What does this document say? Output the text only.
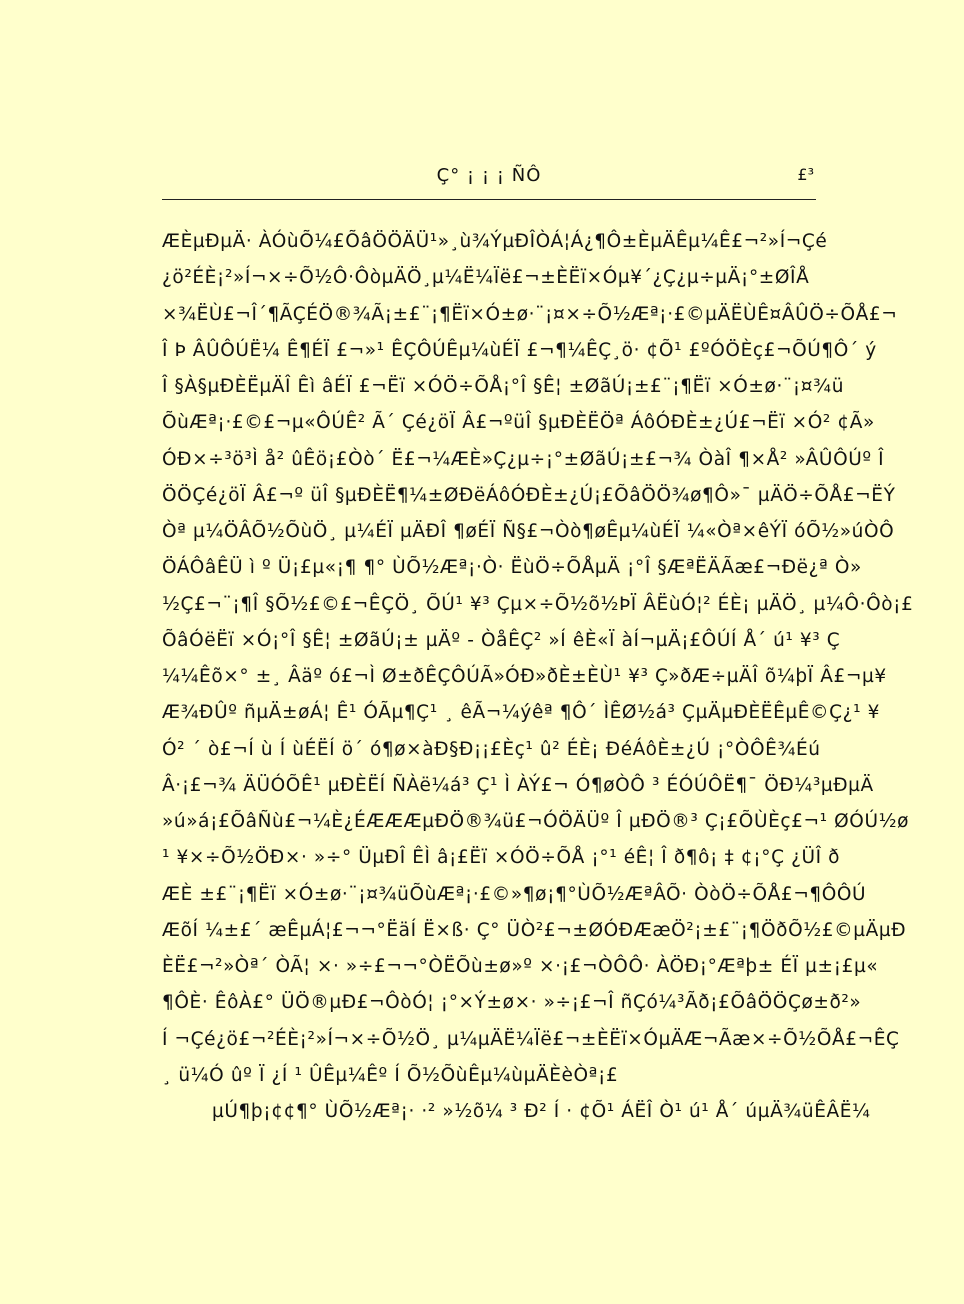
Ç° ¡ ¡ ¡ ÑÔ	£³
ÆÈµÐµÄ· ÀÓùÕ¼£ÕâÖÖÄÜ¹»¸ù¾ÝµÐÎÒÁ¦Á¿¶Ô±ÈµÄÊµ¼Ê£¬²»Í¬Çé
¿ö²ÉÈ¡²»Í¬×÷Õ½Ô·ÔòµÄÖ¸µ¼Ë¼Ïë£¬±ÈËï×Óµ¥´¿Ç¿µ÷µÄ¡°±ØÎÅ
×¾ËÙ£¬Î´¶ÃÇÉÖ®¾Ã¡±£¨¡¶Ëï×Ó±ø·¨¡¤×÷Õ½Æª¡·£©µÄËÙÊ¤ÂÛÖ÷ÕÅ£¬
Î Þ ÂÛÔÚË¼ Ê¶ÉÏ £¬»¹ ÊÇÔÚÊµ¼ùÉÏ £¬¶¼ÊÇ¸ö· ¢Õ¹ £ºÓÖÈç£¬ÕÚ¶Ô´ ý
Î §À§µÐÈËµÄÎ Êì âÉÏ £¬Ëï ×ÓÖ÷ÕÅ¡°Î §Ê¦ ±ØãÚ¡±£¨¡¶Ëï ×Ó±ø·¨¡¤¾ü
ÕùÆª¡·£©£¬µ«ÔÚÊ² Ã´ Çé¿öÏ Â£¬ºüÎ §µÐÈËÖª ÁôÓÐÈ±¿Ú£¬Ëï ×Ó² ¢Ã»
ÓÐ×÷³ö³Ì å² ûÊö¡£Òò´ Ë£¬¼ÆÈ»Ç¿µ÷¡°±ØãÚ¡±£¬¾ ÒàÎ ¶×Å² »ÂÛÔÚº Î
ÖÖÇé¿öÏ Â£¬º üÎ §µÐÈË¶¼±ØÐëÁôÓÐÈ±¿Ú¡£ÕâÖÖ¾ø¶Ô»¯ µÄÖ÷ÕÅ£¬ËÝ
Òª µ¼ÖÂÕ½ÕùÖ¸ µ¼ÉÏ µÄÐÎ ¶øÉÏ Ñ§£¬Òò¶øÊµ¼ùÉÏ ¼«Òª×êÝÏ óÕ½»úÒÔ
ÖÁÔâÊÜ ì º Ü¡£µ«¡¶ ¶° ÙÕ½Æª¡·Ò· ËùÖ÷ÕÅµÄ ¡°Î §ÆªËÄÃæ£¬Ðë¿ª Ò»
½Ç£¬¨¡¶Î §Õ½£©£¬ÊÇÖ¸ ÕÚ¹ ¥³ Çµ×÷Õ½õ½ÞÏ ÂËùÓ¦² ÉÈ¡ µÄÖ¸ µ¼Ô·Ôò¡£
ÕâÓëËï ×Ó¡°Î §Ê¦ ±ØãÚ¡± µÄº - ÒåÊÇ² »Í êÈ«Ï àÍ¬µÄ¡£ÔÚÍ Å´ ú¹ ¥³ Ç
¼¼Êõ×° ±¸ Âäº ó£¬Ì Ø±ðÊÇÔÚÃ»ÓÐ»ðÈ±ÈÙ¹ ¥³ Ç»ðÆ÷µÄÎ õ¼þÏ Â£¬µ¥
Æ¾ÐÛº ñµÄ±øÁ¦ Ê¹ ÓÃµ¶Ç¹ ¸ êÃ¬¼ýêª ¶Ô´ ÌÊØ½á³ ÇµÄµÐÈËÊµÊ©Ç¿¹ ¥
Ó² ´ ò£¬Í ù Í ùÉËÍ ö´ ó¶ø×àÐ§Ð¡¡£Èç¹ û² ÉÈ¡ ÐéÁôÈ±¿Ú ¡°ÒÔÊ¾Éú
Â·¡£¬¾ ÄÜÓÕÊ¹ µÐÈËÍ ÑÀë¼á³ Ç¹ Ì ÀÝ£¬ Ó¶øÒÔ ³ ÉÓÚÔË¶¯ ÖÐ¼³µÐµÄ
»ú»á¡£ÕâÑù£¬¼È¿ÉÆÆÆµÐÖ®¾ü£¬ÓÖÄÜº Î µÐÖ®³ Ç¡£ÕÙÈç£¬¹ ØÓÚ½ø
¹ ¥×÷Õ½ÖÐ×· »÷° ÜµÐÎ ÊÌ â¡£Ëï ×ÓÖ÷ÕÅ ¡°¹ éÊ¦ Î ð¶ô¡ ‡ ¢¡°Ç ¿ÜÎ ð
ÆÈ ±£¨¡¶Ëï ×Ó±ø·¨¡¤¾üÕùÆª¡·£©»¶ø¡¶°ÙÕ½ÆªÂÕ· ÒòÖ÷ÕÅ£¬¶ÔÔÚ
ÆõÍ ¼±£´ æÊµÁ¦£¬¬°ËäÍ Ë×ß· Ç° ÜÒ²£¬±ØÓÐÆæÖ²¡±£¨¡¶ÖðÕ½£©µÄµÐ
ÈË£¬²»Òª´ ÒÃ¦ ×· »÷£¬¬°ÒËÕù±ø»º ×·¡£¬ÒÔÔ· ÀÖÐ¡°Æªþ± ÉÏ µ±¡£µ«
¶ÔÈ· ÊôÀ£° ÜÖ®µÐ£¬ÔòÓ¦ ¡°×Ý±ø×· »÷¡£¬Î ñÇó¼³Ãð¡£ÕâÖÖÇø±ð²»
Í ¬Çé¿ö£¬²ÉÈ¡²»Í¬×÷Õ½Ö¸ µ¼µÄË¼Ïë£¬±ÈËï×ÓµÄÆ¬Ãæ×÷Õ½ÕÅ£¬ÊÇ
¸ ü¼Ó ûº Ï ¿Í ¹ ÛÊµ¼Êº Í Õ½ÕùÊµ¼ùµÄÈèÒª¡£
µÚ¶þ¡¢¢¶° ÙÕ½Æª¡· ·² »½õ¼ ³ Ð² Í · ¢Õ¹ ÁËÎ Ò¹ ú¹ Å´ úµÄ¾üÊÂË¼
